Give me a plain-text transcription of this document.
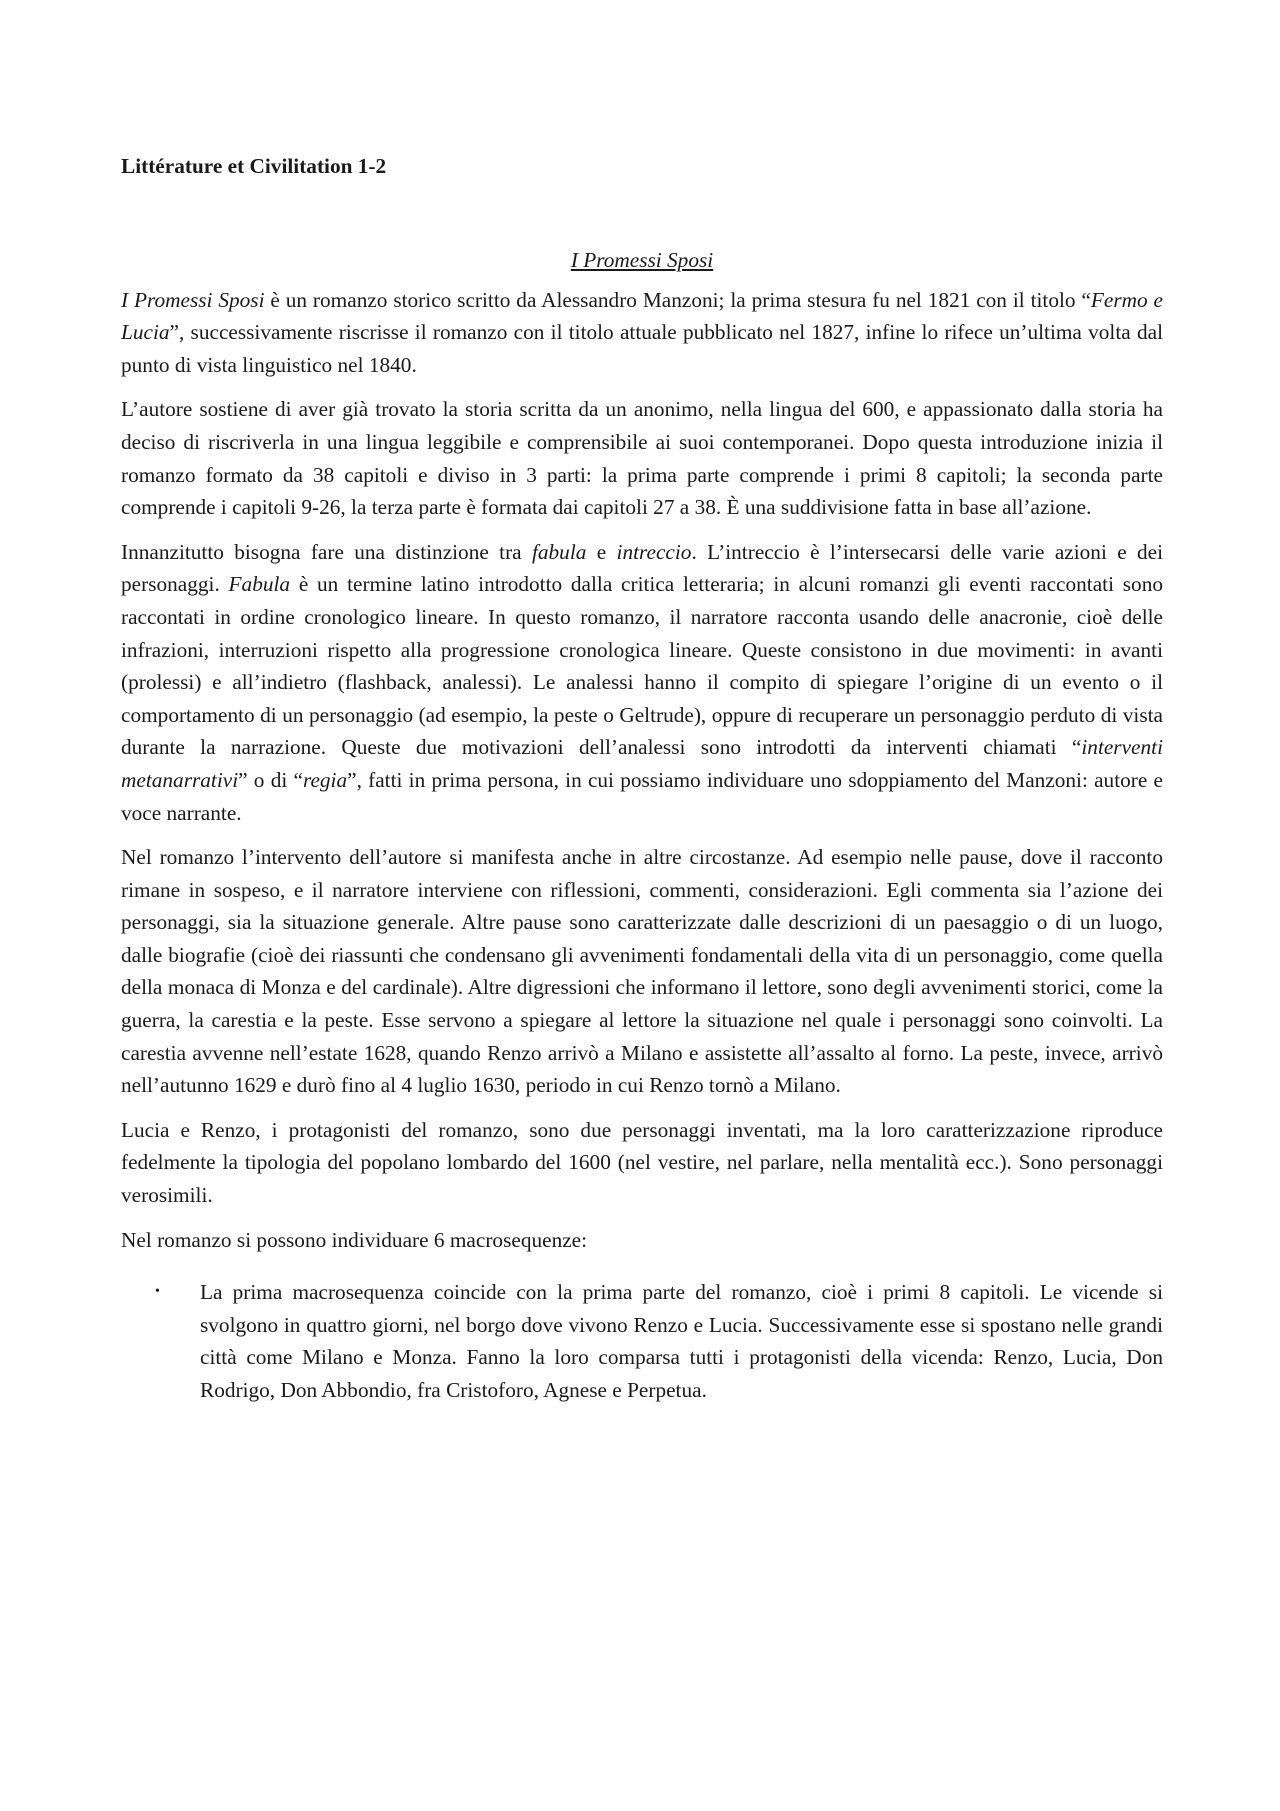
Littérature et Civilitation 1-2
I Promessi Sposi

I Promessi Sposi è un romanzo storico scritto da Alessandro Manzoni; la prima stesura fu nel 1821 con il titolo “Fermo e Lucia”, successivamente riscrisse il romanzo con il titolo attuale pubblicato nel 1827, infine lo rifece un’ultima volta dal punto di vista linguistico nel 1840.

L’autore sostiene di aver già trovato la storia scritta da un anonimo, nella lingua del 600, e appassionato dalla storia ha deciso di riscriverla in una lingua leggibile e comprensibile ai suoi contemporanei. Dopo questa introduzione inizia il romanzo formato da 38 capitoli e diviso in 3 parti: la prima parte comprende i primi 8 capitoli; la seconda parte comprende i capitoli 9-26, la terza parte è formata dai capitoli 27 a 38. È una suddivisione fatta in base all’azione.

Innanzitutto bisogna fare una distinzione tra fabula e intreccio. L’intreccio è l’intersecarsi delle varie azioni e dei personaggi. Fabula è un termine latino introdotto dalla critica letteraria; in alcuni romanzi gli eventi raccontati sono raccontati in ordine cronologico lineare. In questo romanzo, il narratore racconta usando delle anacronie, cioè delle infrazioni, interruzioni rispetto alla progressione cronologica lineare. Queste consistono in due movimenti: in avanti (prolessi) e all’indietro (flashback, analessi). Le analessi hanno il compito di spiegare l’origine di un evento o il comportamento di un personaggio (ad esempio, la peste o Geltrude), oppure di recuperare un personaggio perduto di vista durante la narrazione. Queste due motivazioni dell’analessi sono introdotti da interventi chiamati “interventi metanarrativi” o di “regia”, fatti in prima persona, in cui possiamo individuare uno sdoppiamento del Manzoni: autore e voce narrante.

Nel romanzo l’intervento dell’autore si manifesta anche in altre circostanze. Ad esempio nelle pause, dove il racconto rimane in sospeso, e il narratore interviene con riflessioni, commenti, considerazioni. Egli commenta sia l’azione dei personaggi, sia la situazione generale. Altre pause sono caratterizzate dalle descrizioni di un paesaggio o di un luogo, dalle biografie (cioè dei riassunti che condensano gli avvenimenti fondamentali della vita di un personaggio, come quella della monaca di Monza e del cardinale). Altre digressioni che informano il lettore, sono degli avvenimenti storici, come la guerra, la carestia e la peste. Esse servono a spiegare al lettore la situazione nel quale i personaggi sono coinvolti. La carestia avvenne nell’estate 1628, quando Renzo arrivò a Milano e assistette all’assalto al forno. La peste, invece, arrivò nell’autunno 1629 e durò fino al 4 luglio 1630, periodo in cui Renzo tornò a Milano.

Lucia e Renzo, i protagonisti del romanzo, sono due personaggi inventati, ma la loro caratterizzazione riproduce fedelmente la tipologia del popolano lombardo del 1600 (nel vestire, nel parlare, nella mentalità ecc.). Sono personaggi verosimili.

Nel romanzo si possono individuare 6 macrosequenze:

• La prima macrosequenza coincide con la prima parte del romanzo, cioè i primi 8 capitoli. Le vicende si svolgono in quattro giorni, nel borgo dove vivono Renzo e Lucia. Successivamente esse si spostano nelle grandi città come Milano e Monza. Fanno la loro comparsa tutti i protagonisti della vicenda: Renzo, Lucia, Don Rodrigo, Don Abbondio, fra Cristoforo, Agnese e Perpetua.
